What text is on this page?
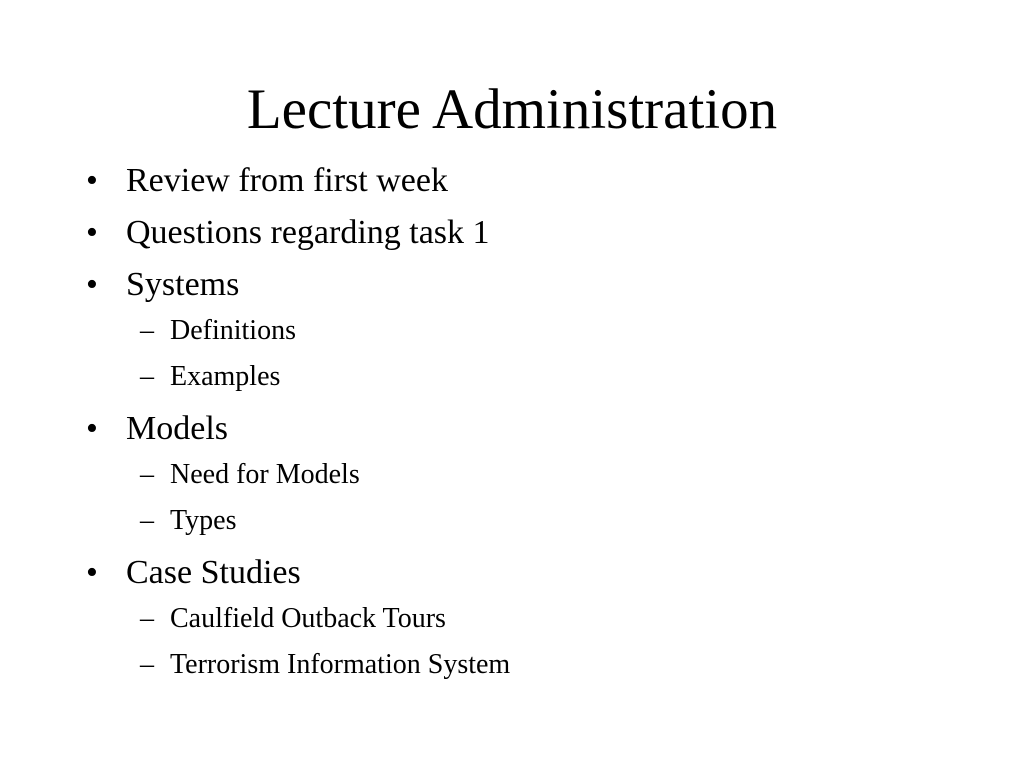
Lecture Administration
• Review from first week
• Questions regarding task 1
• Systems
– Definitions
– Examples
• Models
– Need for Models
– Types
• Case Studies
– Caulfield Outback Tours
– Terrorism Information System
